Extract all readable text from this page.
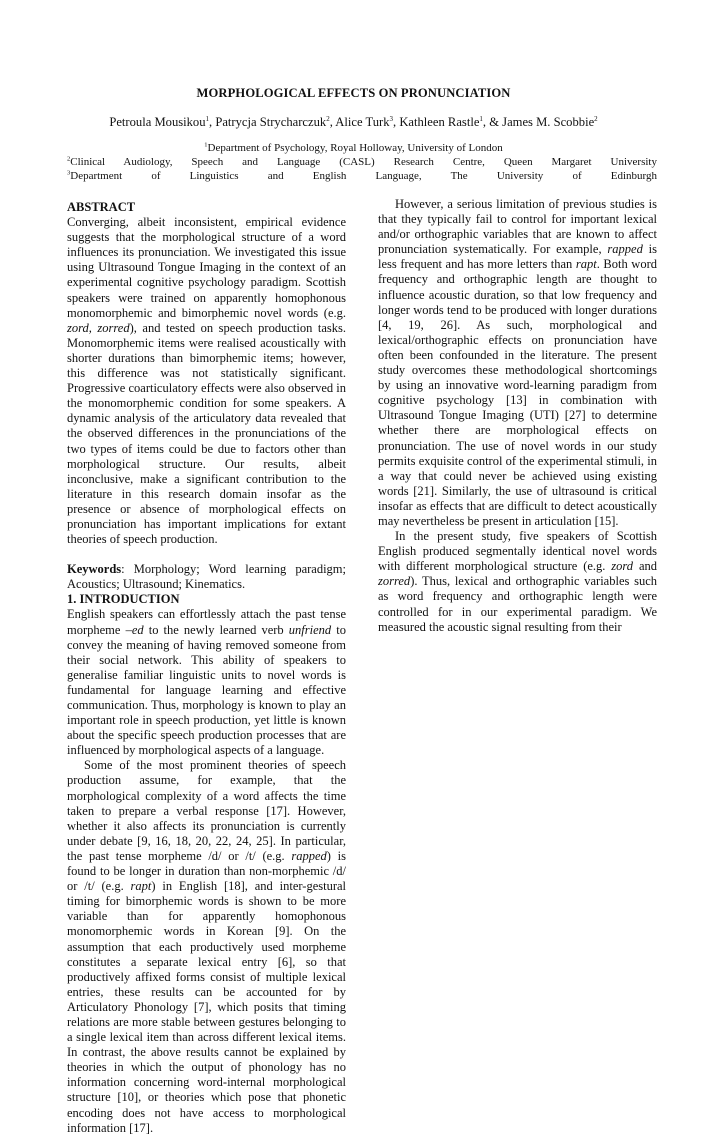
MORPHOLOGICAL EFFECTS ON PRONUNCIATION
Petroula Mousikou$^1$, Patrycja Strycharczuk$^2$, Alice Turk$^3$, Kathleen Rastle$^1$, & James M. Scobbie$^2$
$^1$Department of Psychology, Royal Holloway, University of London
$^2$Clinical Audiology, Speech and Language (CASL) Research Centre, Queen Margaret University
$^3$Department of Linguistics and English Language, The University of Edinburgh

ABSTRACT

Converging, albeit inconsistent, empirical evidence suggests that the morphological structure of a word influences its pronunciation. We investigated this issue using Ultrasound Tongue Imaging in the context of an experimental cognitive psychology paradigm. Scottish speakers were trained on apparently homophonous monomorphemic and bimorphemic novel words (e.g. zord, zorred), and tested on speech production tasks. Monomorphemic items were realised acoustically with shorter durations than bimorphemic items; however, this difference was not statistically significant. Progressive coarticulatory effects were also observed in the monomorphemic condition for some speakers. A dynamic analysis of the articulatory data revealed that the observed differences in the pronunciations of the two types of items could be due to factors other than morphological structure. Our results, albeit inconclusive, make a significant contribution to the literature in this research domain insofar as the presence or absence of morphological effects on pronunciation has important implications for extant theories of speech production.

Keywords: Morphology; Word learning paradigm; Acoustics; Ultrasound; Kinematics.

1. INTRODUCTION

English speakers can effortlessly attach the past tense morpheme –ed to the newly learned verb unfriend to convey the meaning of having removed someone from their social network. This ability of speakers to generalise familiar linguistic units to novel words is fundamental for language learning and effective communication. Thus, morphology is known to play an important role in speech production, yet little is known about the specific speech production processes that are influenced by morphological aspects of a language.

Some of the most prominent theories of speech production assume, for example, that the morphological complexity of a word affects the time taken to prepare a verbal response [17]. However, whether it also affects its pronunciation is currently under debate [9, 16, 18, 20, 22, 24, 25]. In particular, the past tense morpheme /d/ or /t/ (e.g. rapped) is found to be longer in duration than non-morphemic /d/ or /t/ (e.g. rapt) in English [18], and inter-gestural timing for bimorphemic words is shown to be more variable than for apparently homophonous monomorphemic words in Korean [9]. On the assumption that each productively used morpheme constitutes a separate lexical entry [6], so that productively affixed forms consist of multiple lexical entries, these results can be accounted for by Articulatory Phonology [7], which posits that timing relations are more stable between gestures belonging to a single lexical item than across different lexical items. In contrast, the above results cannot be explained by theories in which the output of phonology has no information concerning word-internal morphological structure [10], or theories which pose that phonetic encoding does not have access to morphological information [17].

However, a serious limitation of previous studies is that they typically fail to control for important lexical and/or orthographic variables that are known to affect pronunciation systematically. For example, rapped is less frequent and has more letters than rapt. Both word frequency and orthographic length are thought to influence acoustic duration, so that low frequency and longer words tend to be produced with longer durations [4, 19, 26]. As such, morphological and lexical/orthographic effects on pronunciation have often been confounded in the literature. The present study overcomes these methodological shortcomings by using an innovative word-learning paradigm from cognitive psychology [13] in combination with Ultrasound Tongue Imaging (UTI) [27] to determine whether there are morphological effects on pronunciation. The use of novel words in our study permits exquisite control of the experimental stimuli, in a way that could never be achieved using existing words [21]. Similarly, the use of ultrasound is critical insofar as effects that are difficult to detect acoustically may nevertheless be present in articulation [15].

In the present study, five speakers of Scottish English produced segmentally identical novel words with different morphological structure (e.g. zord and zorred). Thus, lexical and orthographic variables such as word frequency and orthographic length were controlled for in our experimental paradigm. We measured the acoustic signal resulting from their
